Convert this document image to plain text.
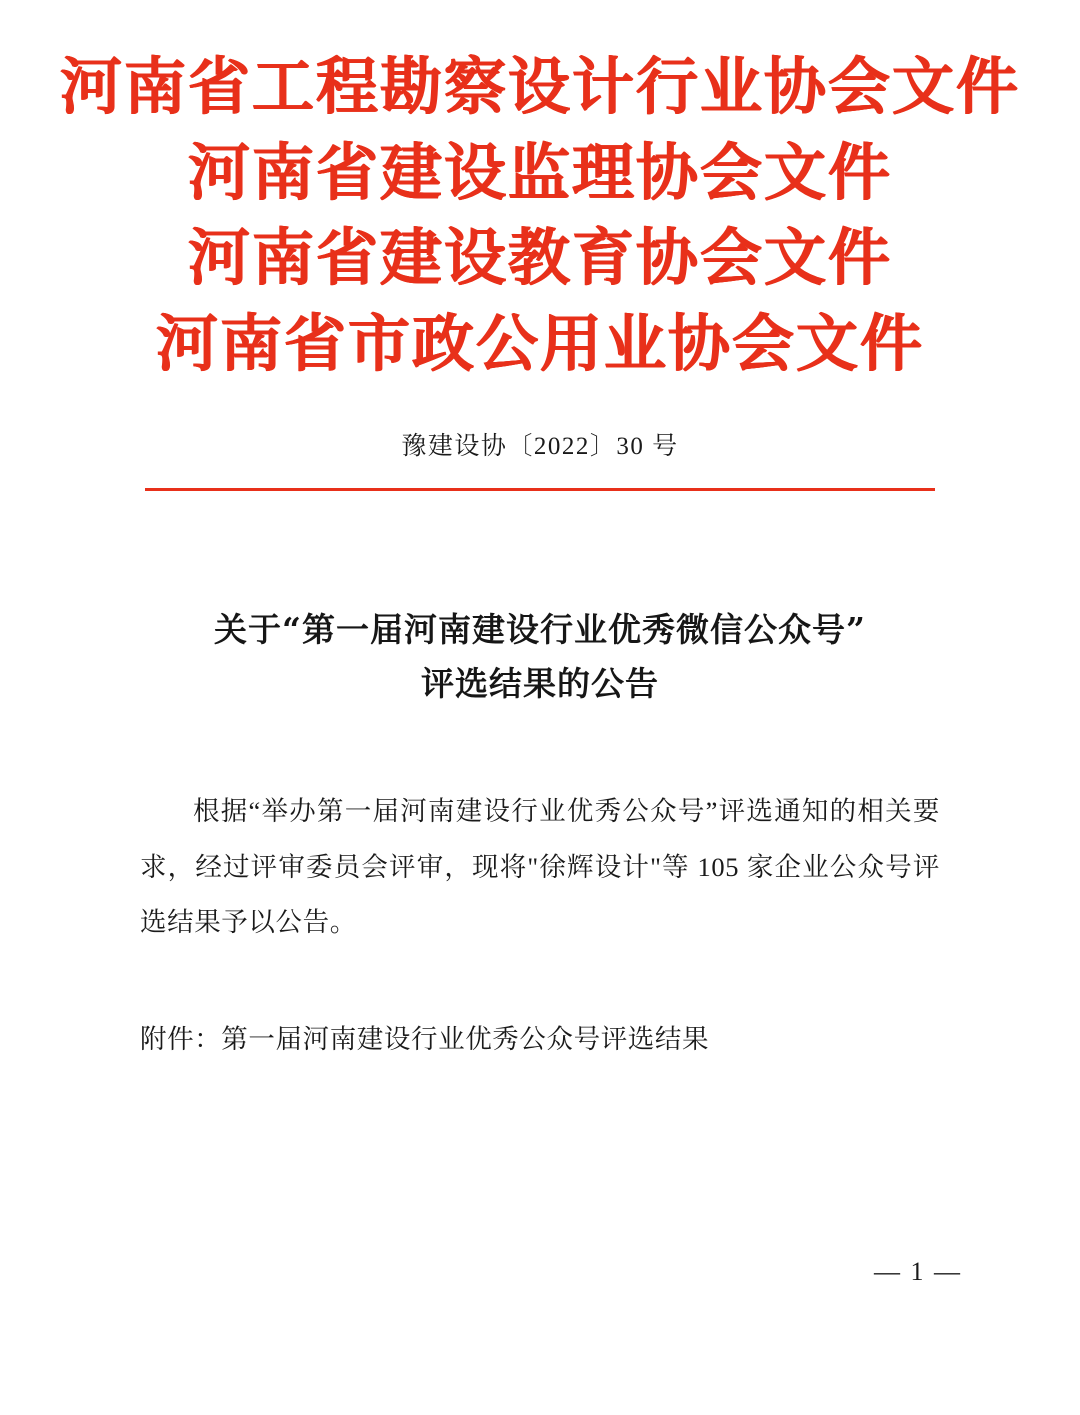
河南省工程勘察设计行业协会文件
河南省建设监理协会文件
河南省建设教育协会文件
河南省市政公用业协会文件
豫建设协〔2022〕30 号
关于“第一届河南建设行业优秀微信公众号”
评选结果的公告

根据“举办第一届河南建设行业优秀公众号”评选通知的相关要求，经过评审委员会评审，现将"徐辉设计"等 105 家企业公众号评选结果予以公告。

附件：第一届河南建设行业优秀公众号评选结果

— 1 —
